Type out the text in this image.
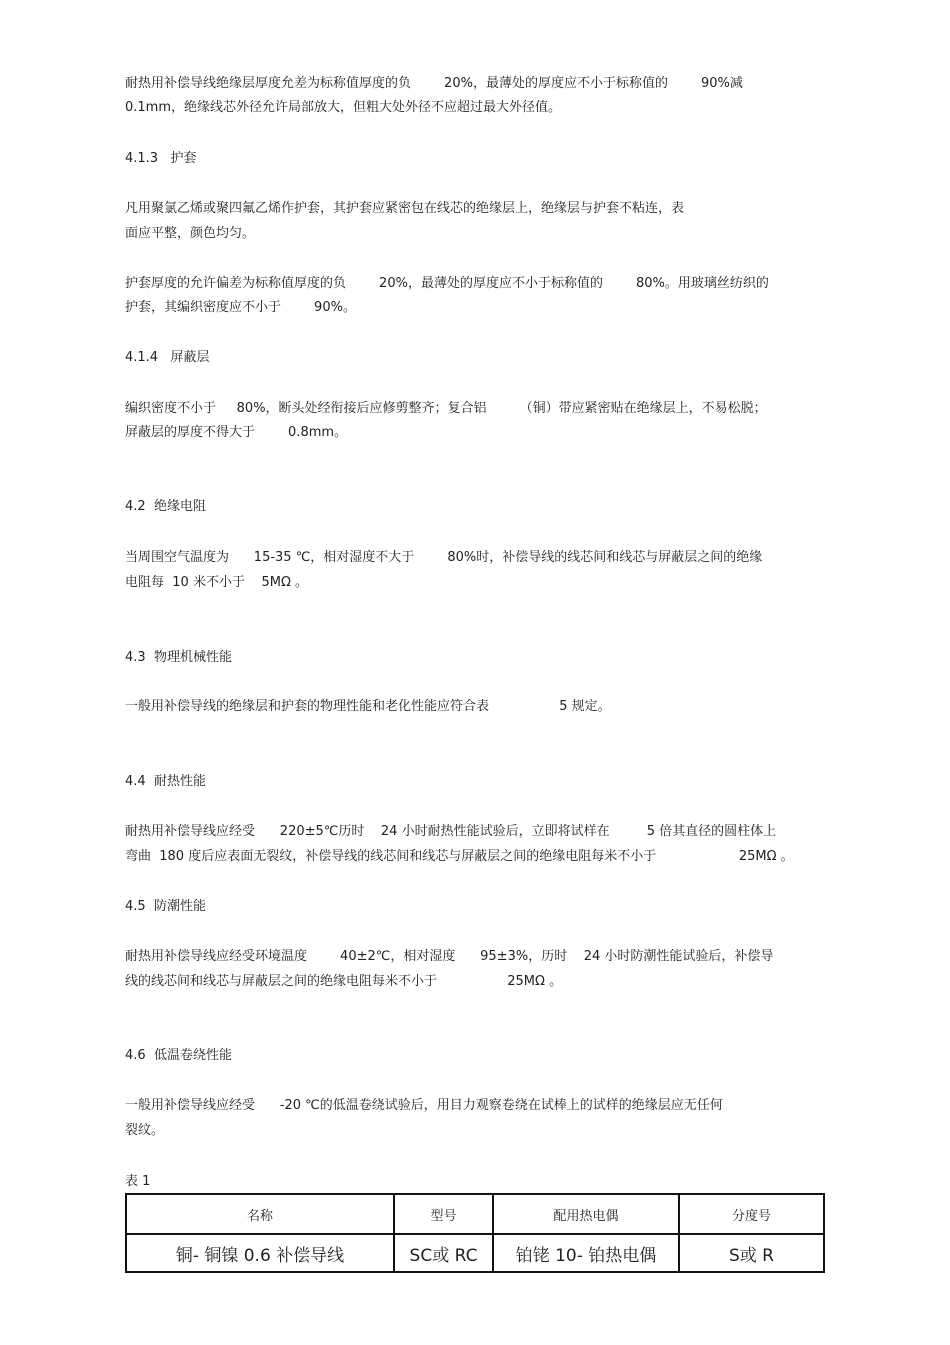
耐热用补偿导线绝缘层厚度允差为标称值厚度的负        20%，最薄处的厚度应不小于标称值的        90%减
0.1mm，绝缘线芯外径允许局部放大，但粗大处外径不应超过最大外径值。
4.1.3   护套
凡用聚氯乙烯或聚四氟乙烯作护套，其护套应紧密包在线芯的绝缘层上，绝缘层与护套不粘连，表
面应平整，颜色均匀。
护套厚度的允许偏差为标称值厚度的负        20%，最薄处的厚度应不小于标称值的        80%。用玻璃丝纺织的
护套，其编织密度应不小于        90%。
4.1.4   屏蔽层
编织密度不小于     80%，断头处经衔接后应修剪整齐；复合铝        （铜）带应紧密贴在绝缘层上，不易松脱；
屏蔽层的厚度不得大于        0.8mm。
4.2  绝缘电阻
当周围空气温度为      15-35 ℃，相对湿度不大于        80%时，补偿导线的线芯间和线芯与屏蔽层之间的绝缘
电阻每  10 米不小于    5MΩ 。
4.3  物理机械性能
一般用补偿导线的绝缘层和护套的物理性能和老化性能应符合表                 5 规定。
4.4  耐热性能
耐热用补偿导线应经受      220±5℃历时    24 小时耐热性能试验后，立即将试样在         5 倍其直径的圆柱体上
弯曲  180 度后应表面无裂纹，补偿导线的线芯间和线芯与屏蔽层之间的绝缘电阻每米不小于                    25MΩ 。
4.5  防潮性能
耐热用补偿导线应经受环境温度        40±2℃，相对湿度      95±3%，历时    24 小时防潮性能试验后，补偿导
线的线芯间和线芯与屏蔽层之间的绝缘电阻每米不小于                 25MΩ 。
4.6  低温卷绕性能
一般用补偿导线应经受      -20 ℃的低温卷绕试验后，用目力观察卷绕在试棒上的试样的绝缘层应无任何
裂纹。
表 1
名称	型号	配用热电偶	分度号
铜- 铜镍 0.6 补偿导线	SC或 RC	铂铑 10- 铂热电偶	S或 R
